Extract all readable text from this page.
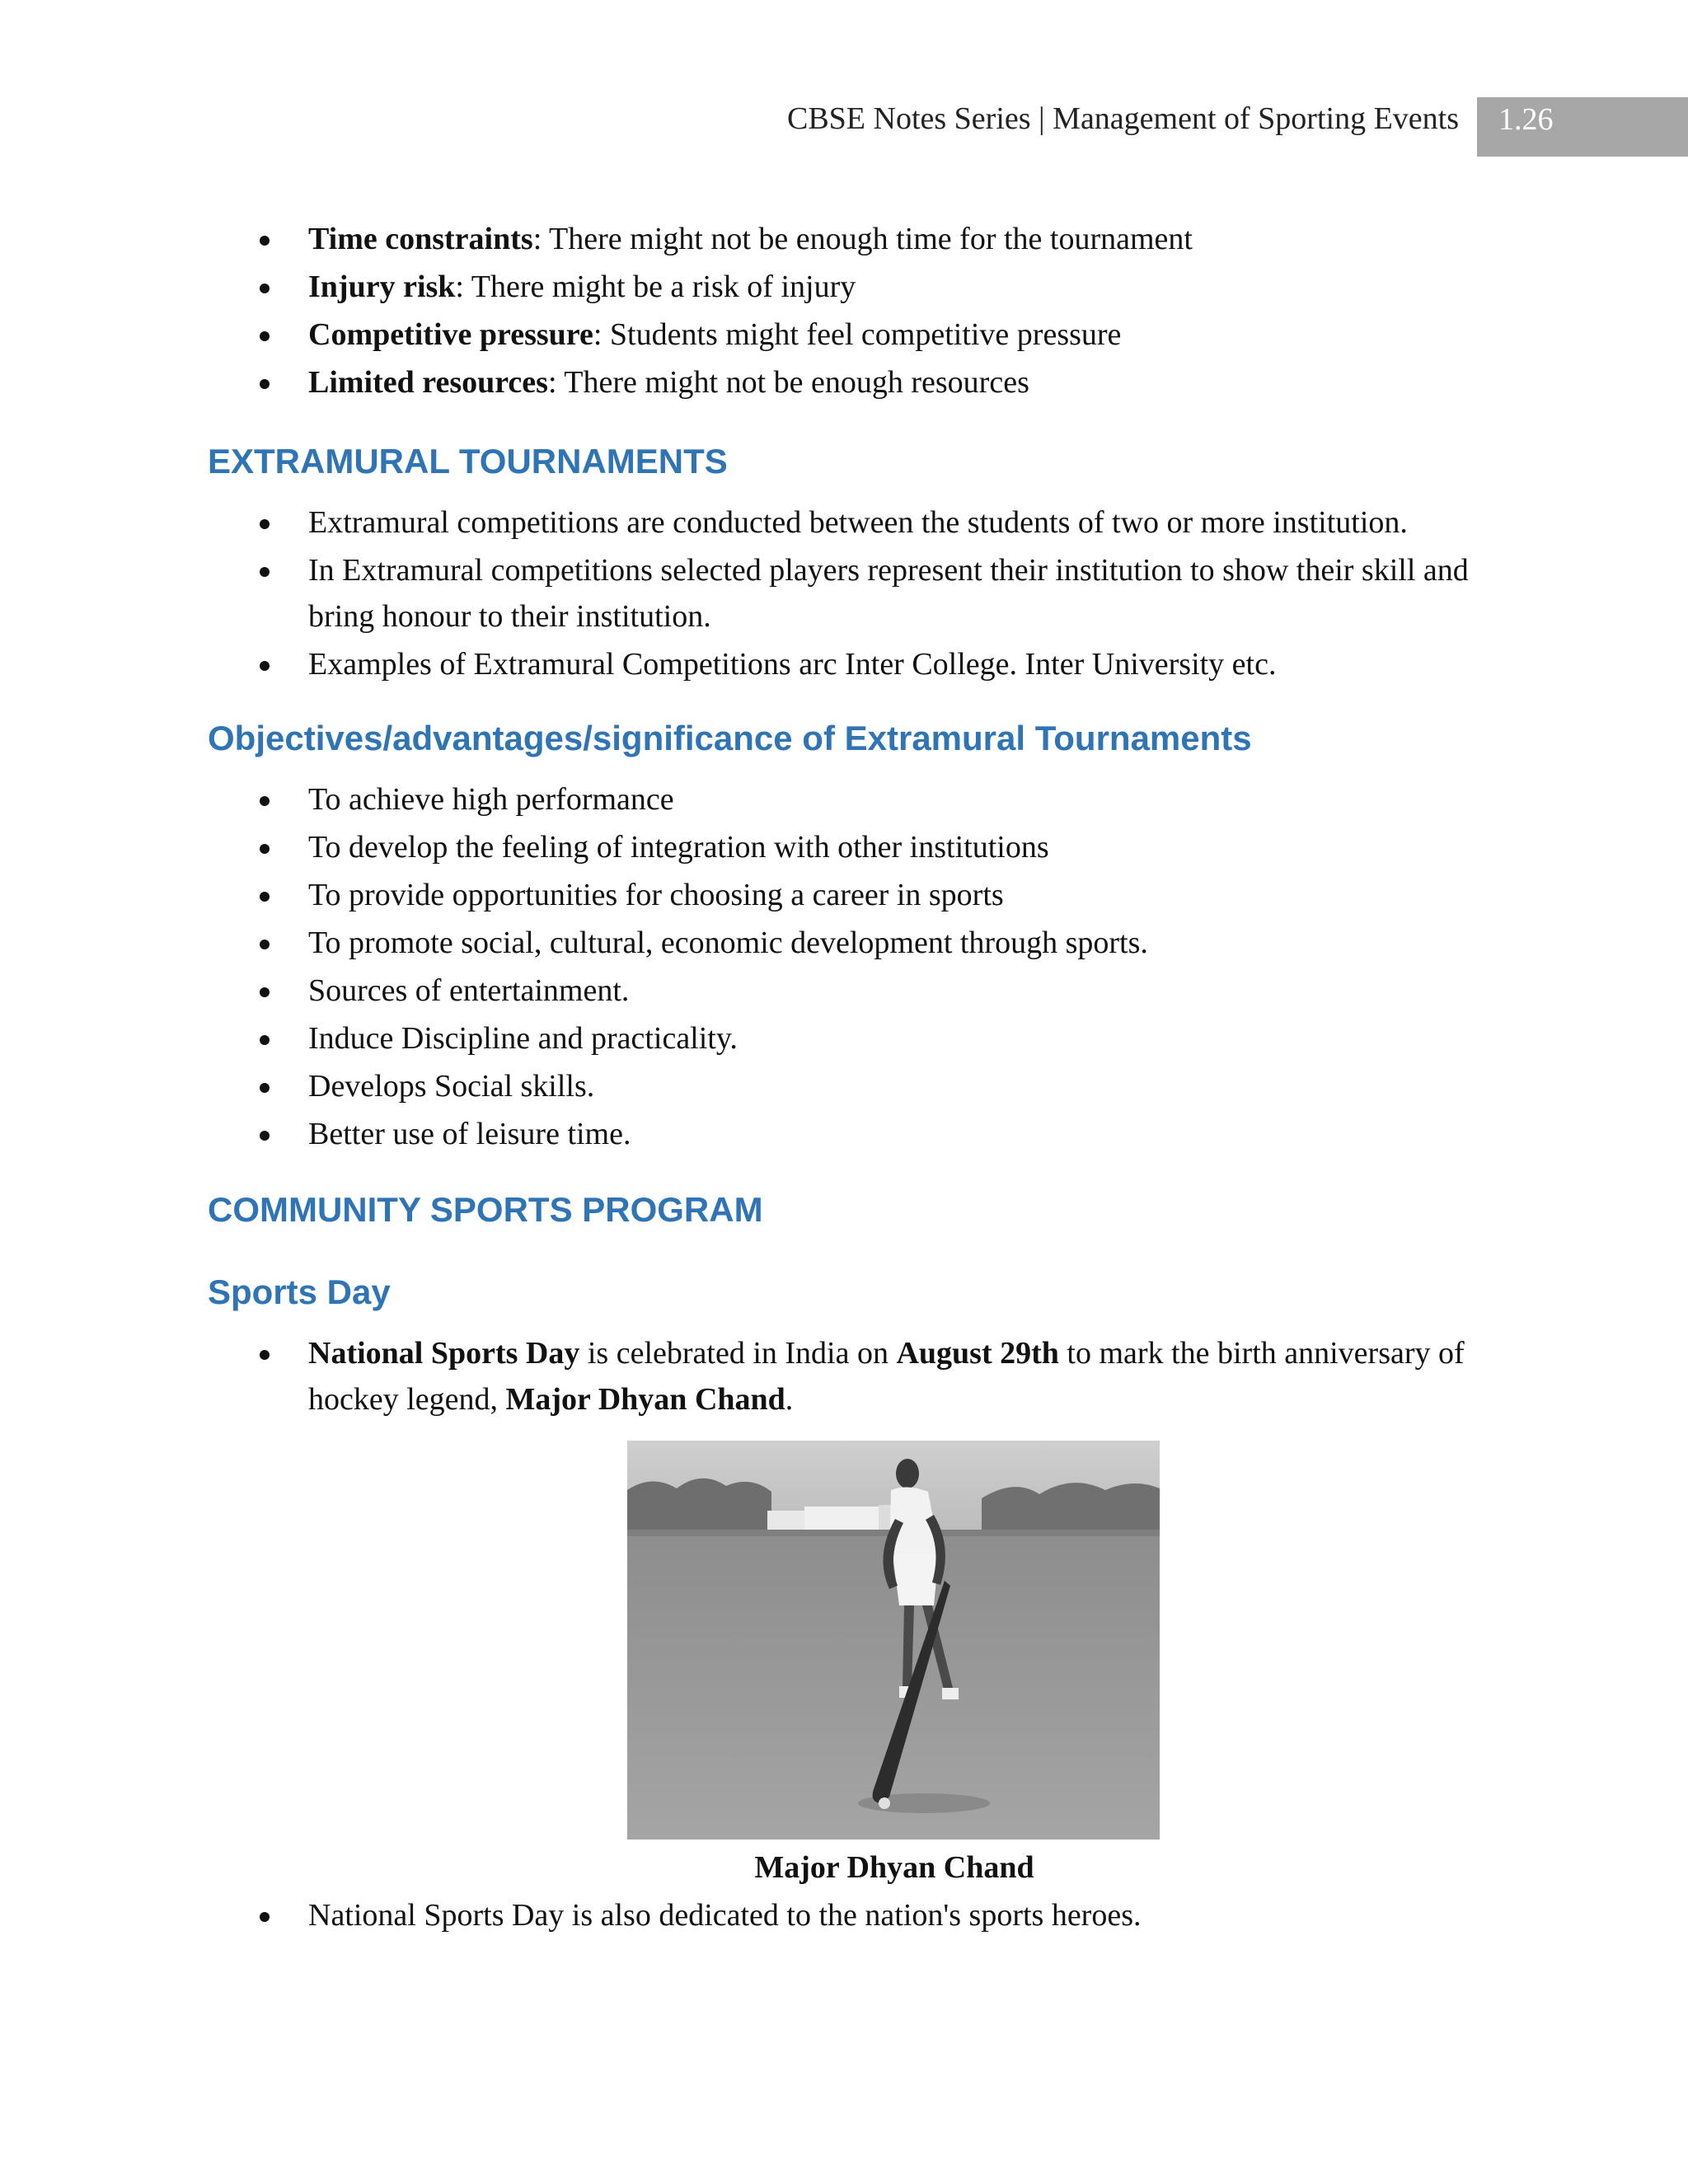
CBSE Notes Series | Management of Sporting Events	1.26
Time constraints: There might not be enough time for the tournament
Injury risk: There might be a risk of injury
Competitive pressure: Students might feel competitive pressure
Limited resources: There might not be enough resources
EXTRAMURAL TOURNAMENTS
Extramural competitions are conducted between the students of two or more institution.
In Extramural competitions selected players represent their institution to show their skill and bring honour to their institution.
Examples of Extramural Competitions arc Inter College. Inter University etc.
Objectives/advantages/significance of Extramural Tournaments
To achieve high performance
To develop the feeling of integration with other institutions
To provide opportunities for choosing a career in sports
To promote social, cultural, economic development through sports.
Sources of entertainment.
Induce Discipline and practicality.
Develops Social skills.
Better use of leisure time.
COMMUNITY SPORTS PROGRAM
Sports Day
National Sports Day is celebrated in India on August 29th to mark the birth anniversary of hockey legend, Major Dhyan Chand.
Major Dhyan Chand
National Sports Day is also dedicated to the nation's sports heroes.
